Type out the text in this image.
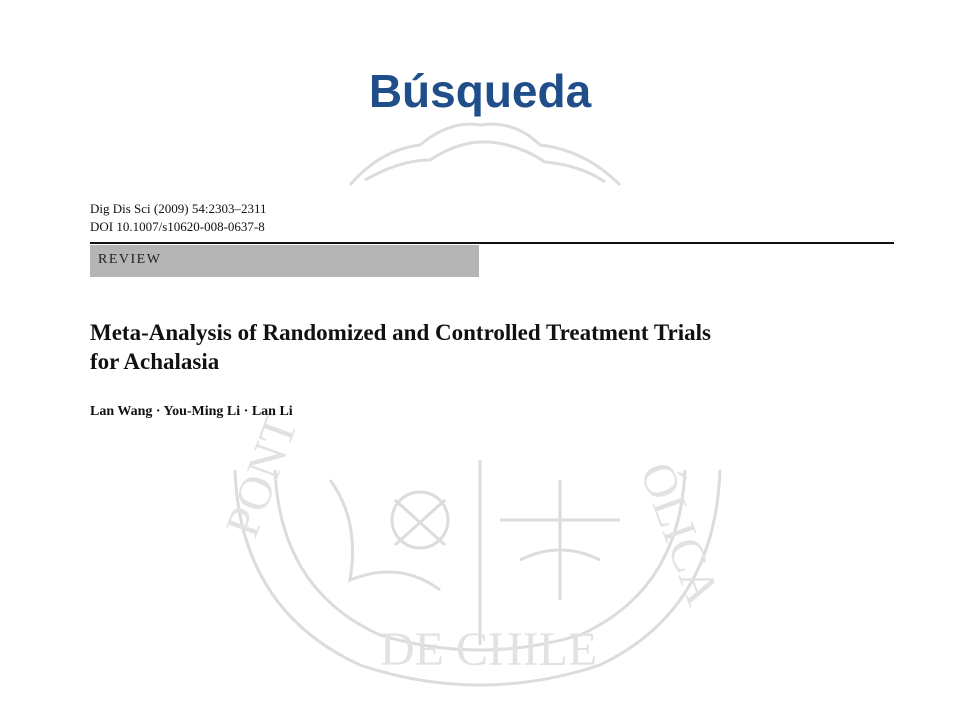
PONT
DE CHILE
ÓLICA
Búsqueda
Dig Dis Sci (2009) 54:2303–2311
DOI 10.1007/s10620-008-0637-8
REVIEW
Meta-Analysis of Randomized and Controlled Treatment Trials
for Achalasia
Lan Wang · You-Ming Li · Lan Li
